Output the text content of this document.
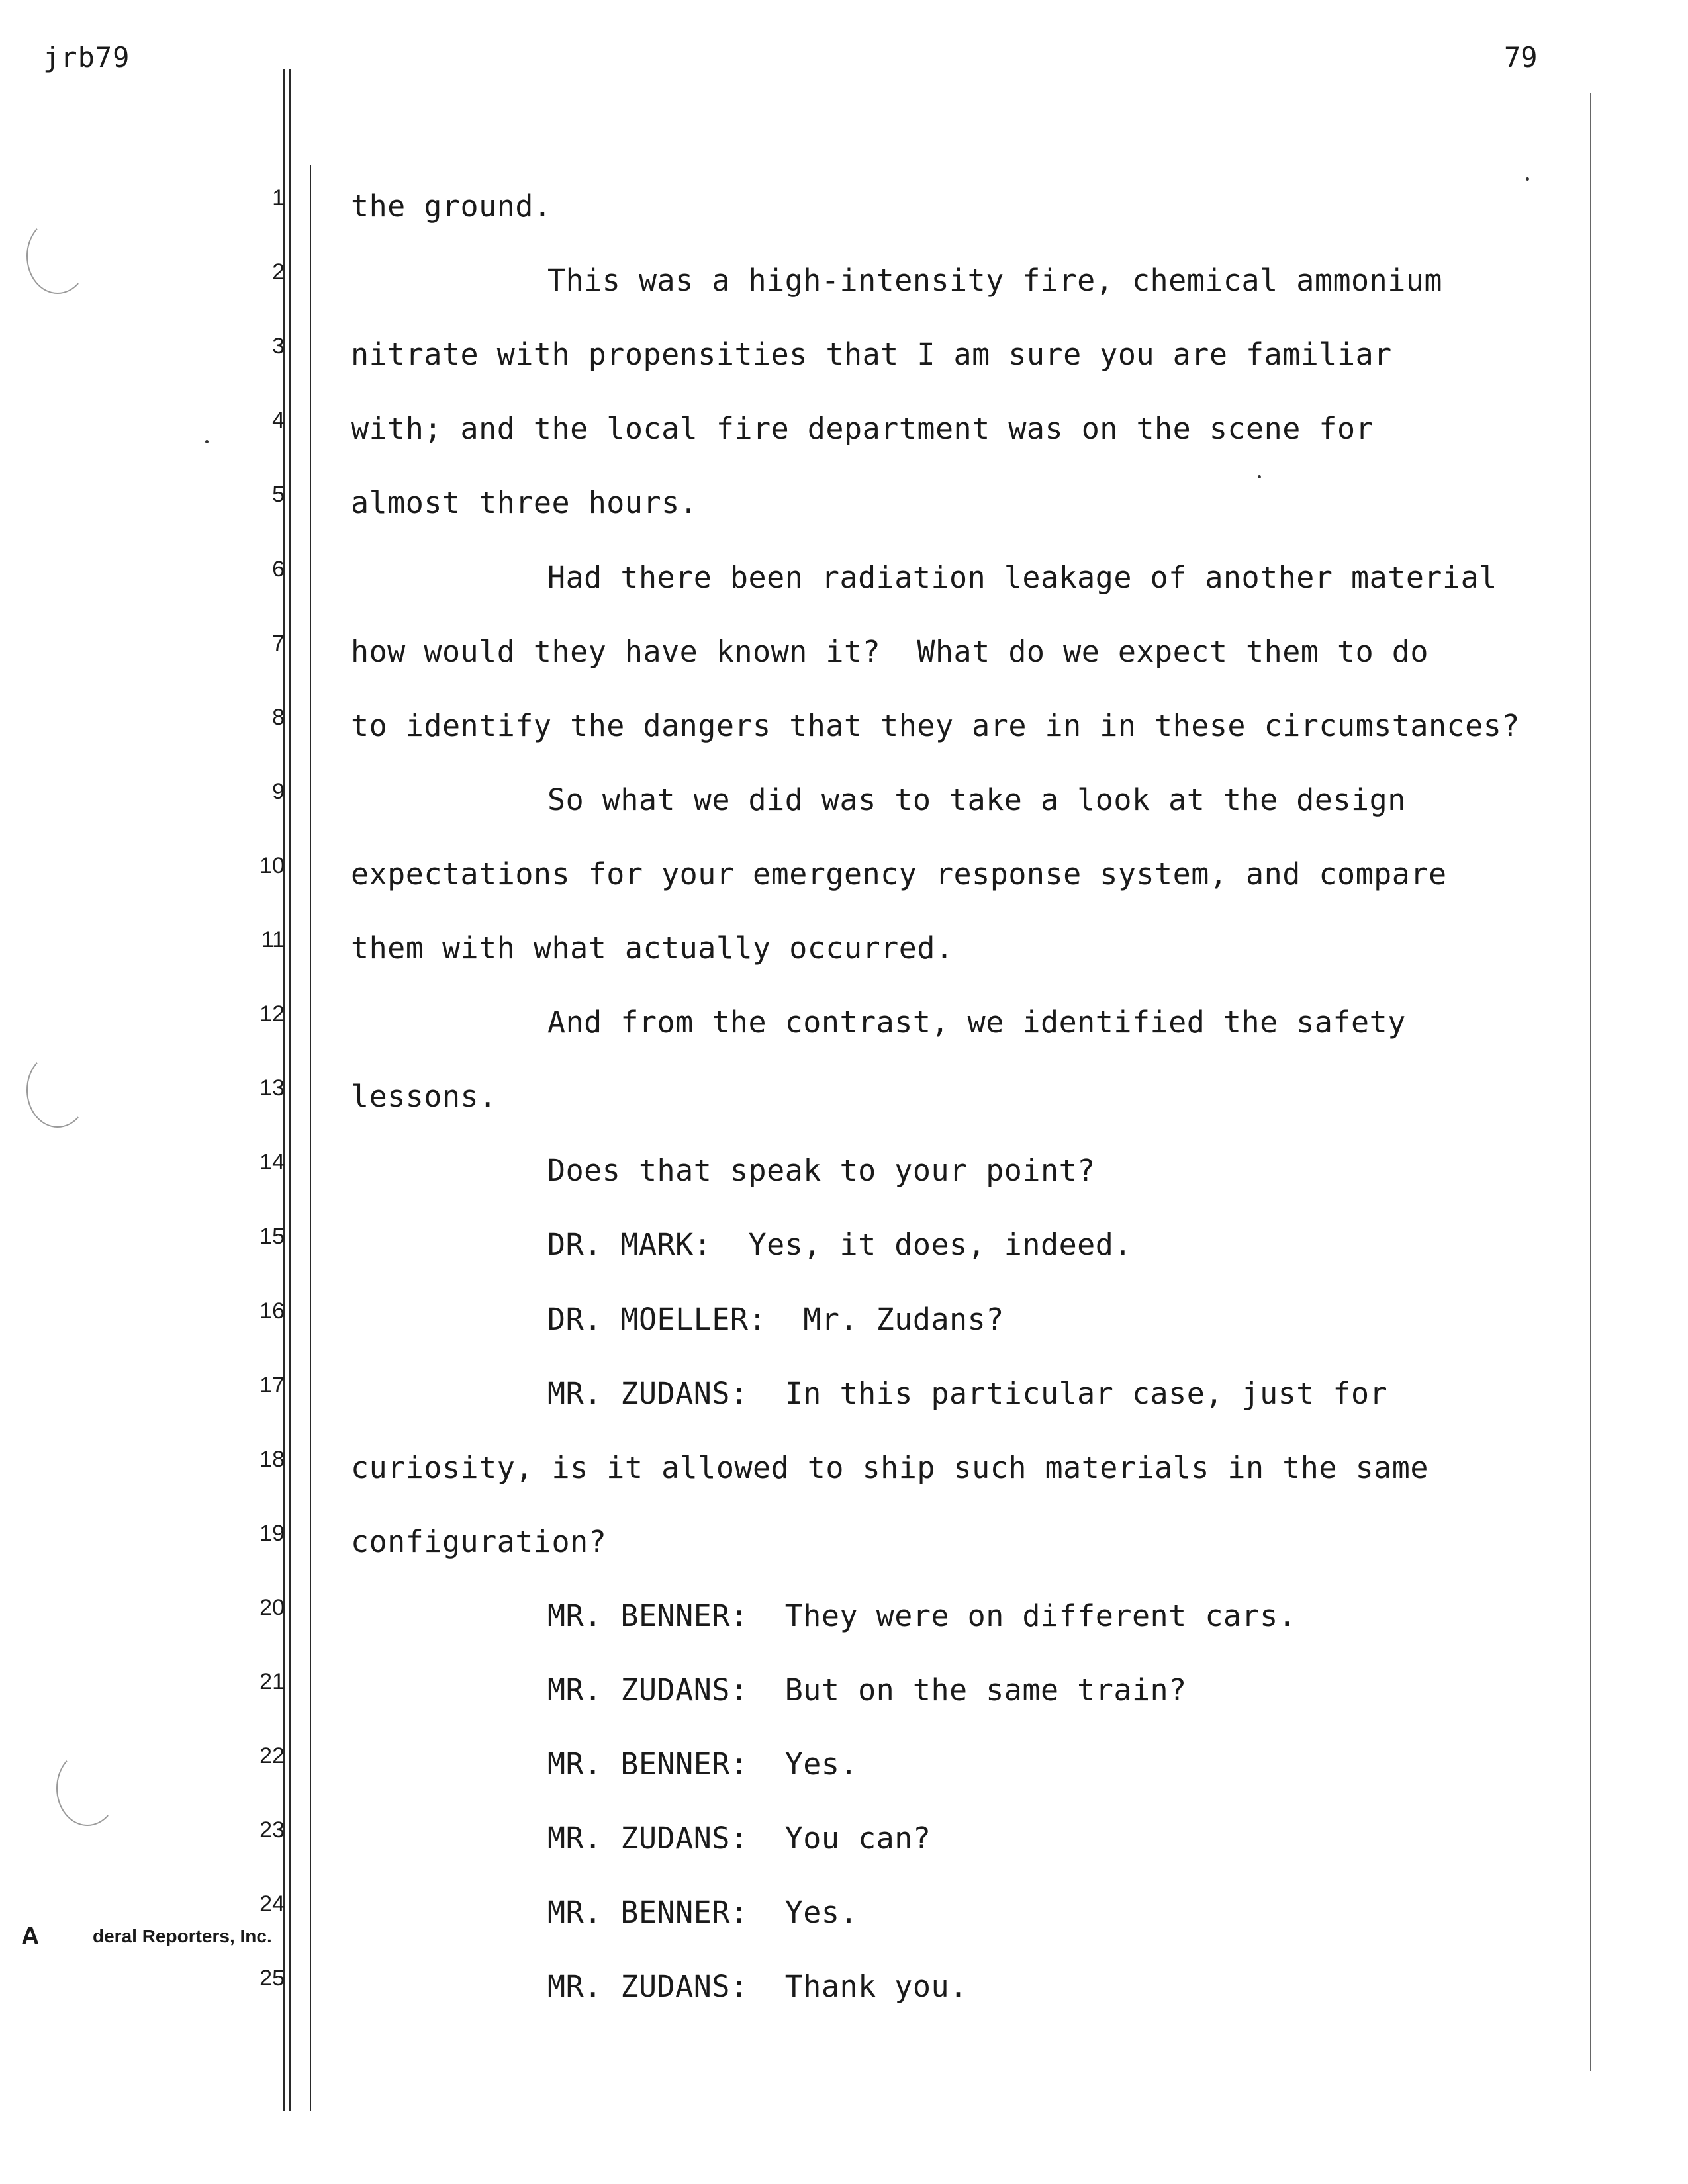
jrb79	79
1 the ground.
2	This was a high-intensity fire, chemical ammonium
3 nitrate with propensities that I am sure you are familiar
4 with; and the local fire department was on the scene for
5 almost three hours.
6	Had there been radiation leakage of another material
7 how would they have known it?  What do we expect them to do
8 to identify the dangers that they are in in these circumstances?
9	So what we did was to take a look at the design
10 expectations for your emergency response system, and compare
11 them with what actually occurred.
12	And from the contrast, we identified the safety
13 lessons.
14	Does that speak to your point?
15	DR. MARK:  Yes, it does, indeed.
16	DR. MOELLER:  Mr. Zudans?
17	MR. ZUDANS:  In this particular case, just for
18 curiosity, is it allowed to ship such materials in the same
19 configuration?
20	MR. BENNER:  They were on different cars.
21	MR. ZUDANS:  But on the same train?
22	MR. BENNER:  Yes.
23	MR. ZUDANS:  You can?
24	MR. BENNER:  Yes.
25	MR. ZUDANS:  Thank you.
A	deral Reporters, Inc.
